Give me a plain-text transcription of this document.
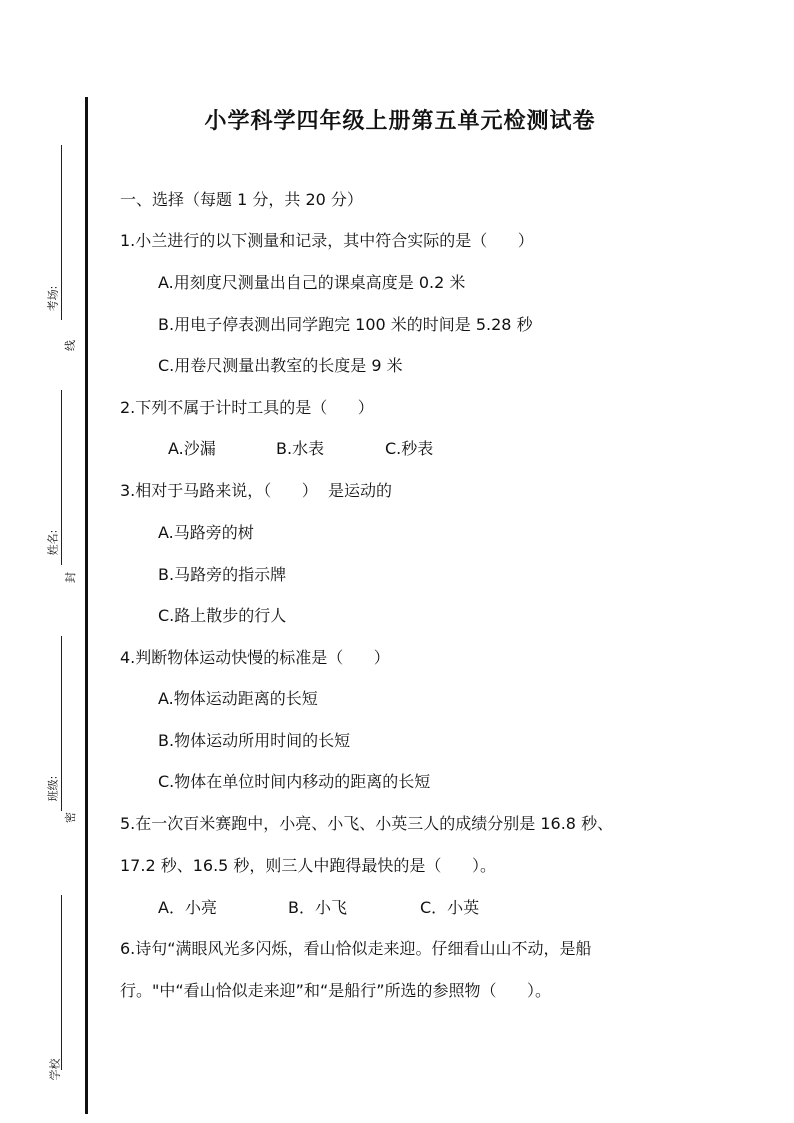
考场:
线
姓名:
封
班级:
密
学校
小学科学四年级上册第五单元检测试卷
一、选择（每题 1 分，共 20 分）
1.小兰进行的以下测量和记录，其中符合实际的是（      ）
A.用刻度尺测量出自己的课桌高度是 0.2 米
B.用电子停表测出同学跑完 100 米的时间是 5.28 秒
C.用卷尺测量出教室的长度是 9 米
2.下列不属于计时工具的是（      ）
A.沙漏	B.水表	C.秒表
3.相对于马路来说，（      ）  是运动的
A.马路旁的树
B.马路旁的指示牌
C.路上散步的行人
4.判断物体运动快慢的标准是（      ）
A.物体运动距离的长短
B.物体运动所用时间的长短
C.物体在单位时间内移动的距离的长短
5.在一次百米赛跑中，小亮、小飞、小英三人的成绩分别是 16.8 秒、
17.2 秒、16.5 秒，则三人中跑得最快的是（      ）。
A．小亮	B．小飞	C．小英
6.诗句“满眼风光多闪烁，看山恰似走来迎。仔细看山山不动，是船
行。"中“看山恰似走来迎”和“是船行”所选的参照物（      ）。
